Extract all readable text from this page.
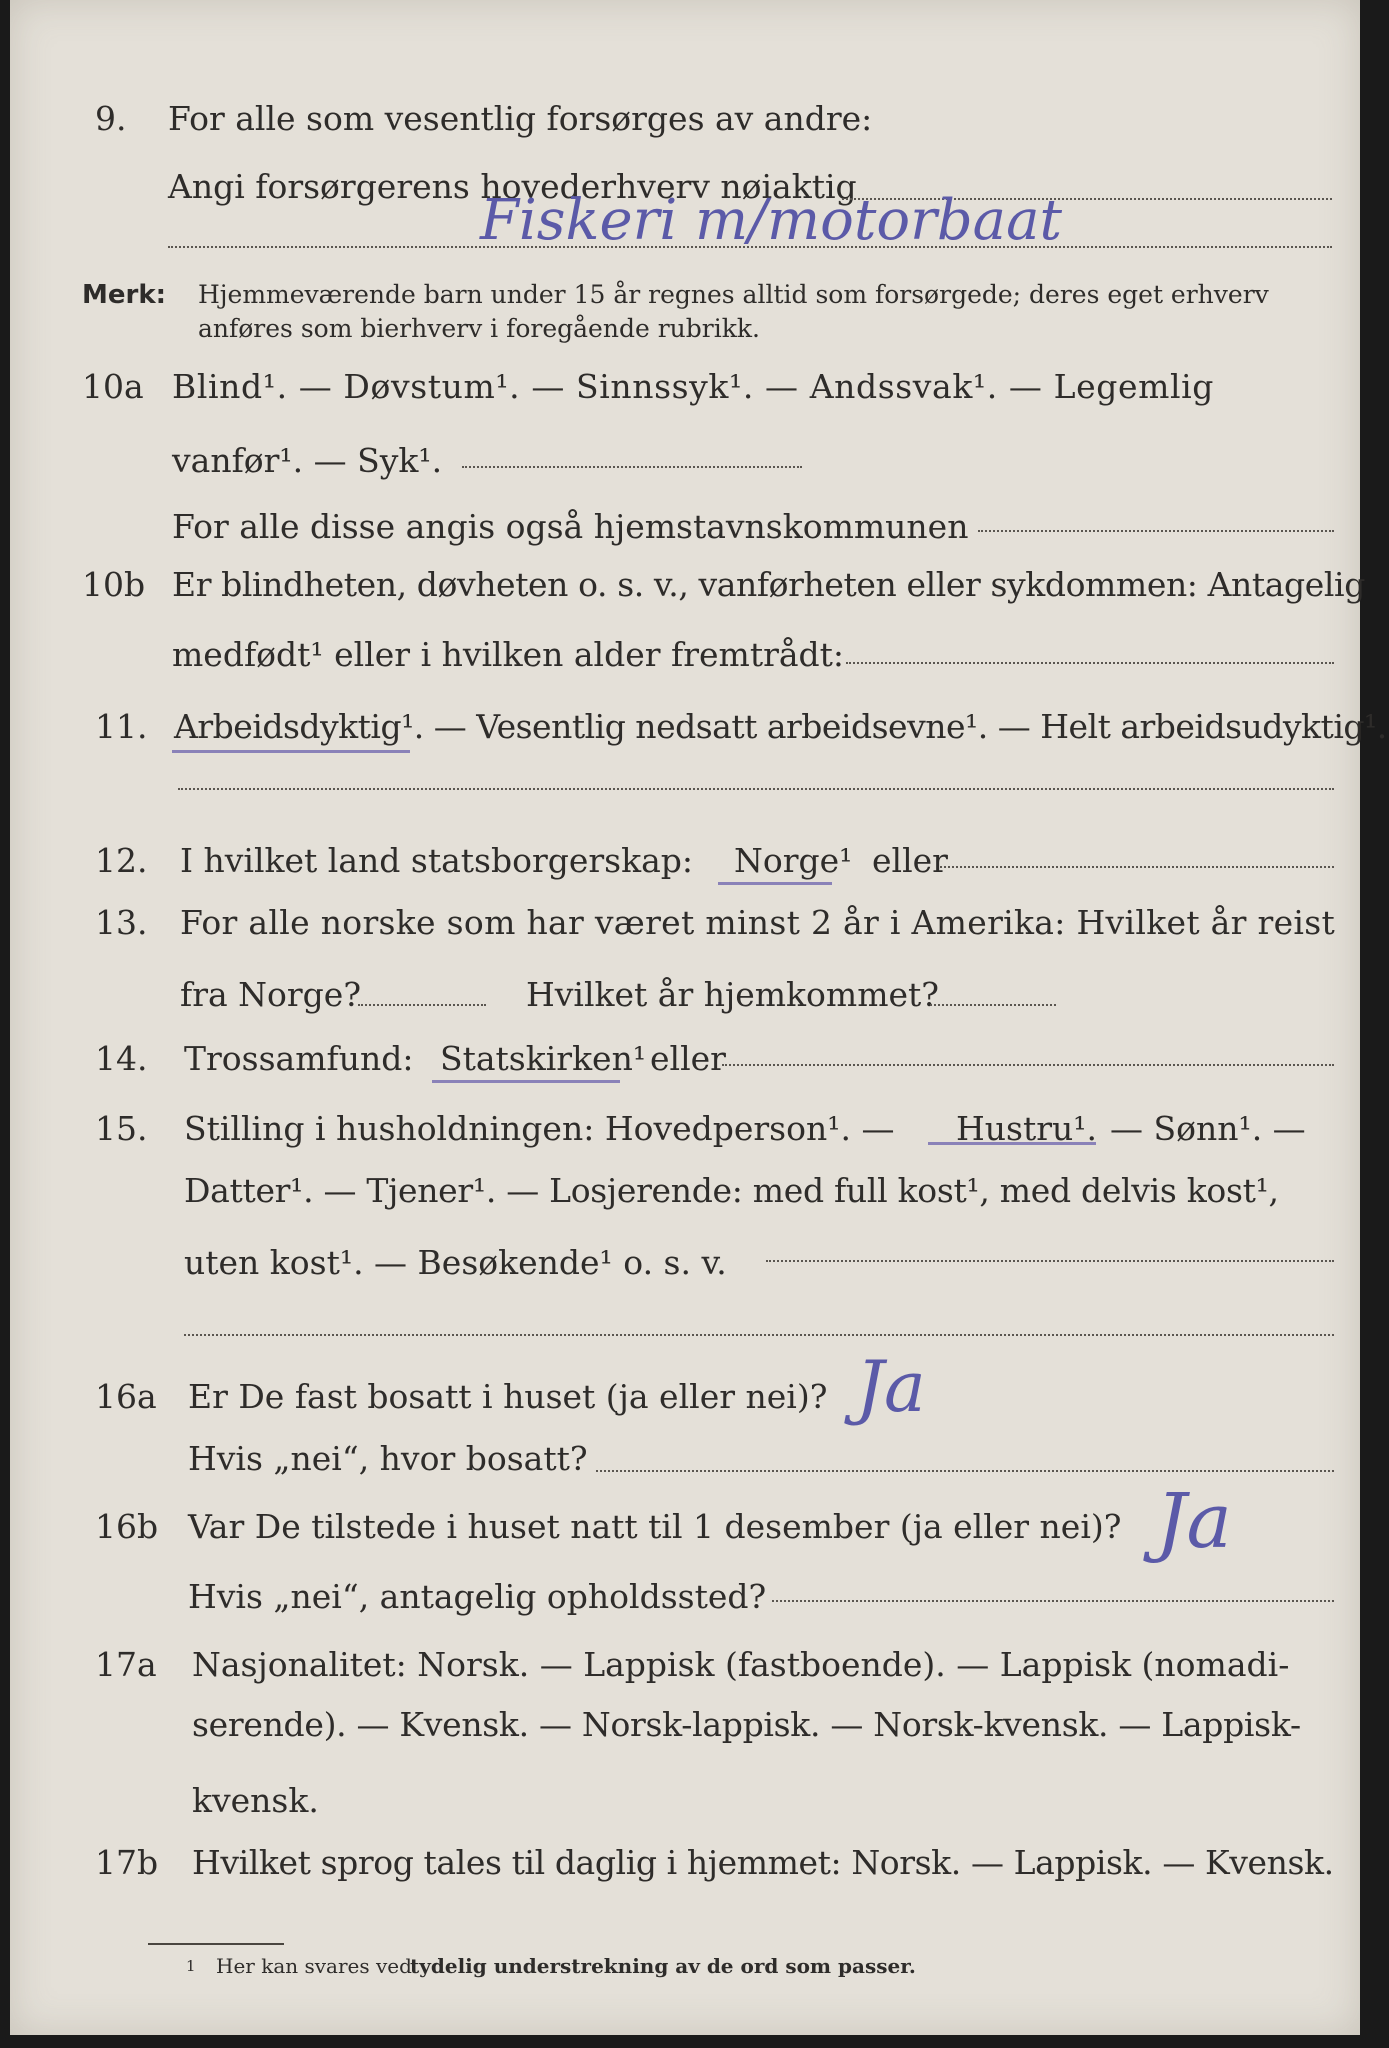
9. For alle som vesentlig forsørges av andre:
Angi forsørgerens hovederhverv nøiaktig
Fiskeri m/motorbaat
Merk: Hjemmeværende barn under 15 år regnes alltid som forsørgede; deres eget erhverv
anføres som bierhverv i foregående rubrikk.
10a Blind¹. — Døvstum¹. — Sinnssyk¹. — Andssvak¹. — Legemlig
vanfør¹. — Syk¹.
For alle disse angis også hjemstavnskommunen
10b Er blindheten, døvheten o. s. v., vanførheten eller sykdommen: Antagelig
medfødt¹ eller i hvilken alder fremtrådt:
11. Arbeidsdyktig¹. — Vesentlig nedsatt arbeidsevne¹. — Helt arbeidsudyktig¹.
12. I hvilket land statsborgerskap: Norge¹ eller
13. For alle norske som har været minst 2 år i Amerika: Hvilket år reist
fra Norge?	Hvilket år hjemkommet?
14. Trossamfund: Statskirken¹ eller
15. Stilling i husholdningen: Hovedperson¹. — Hustru¹. — Sønn¹. —
Datter¹. — Tjener¹. — Losjerende: med full kost¹, med delvis kost¹,
uten kost¹. — Besøkende¹ o. s. v.
16a Er De fast bosatt i huset (ja eller nei)? Ja
Hvis „nei“, hvor bosatt?
16b Var De tilstede i huset natt til 1 desember (ja eller nei)? Ja
Hvis „nei“, antagelig opholdssted?
17a Nasjonalitet: Norsk. — Lappisk (fastboende). — Lappisk (nomadi-
serende). — Kvensk. — Norsk-lappisk. — Norsk-kvensk. — Lappisk-
kvensk.
17b Hvilket sprog tales til daglig i hjemmet: Norsk. — Lappisk. — Kvensk.
1 Her kan svares ved
tydelig understrekning av de ord som passer.
